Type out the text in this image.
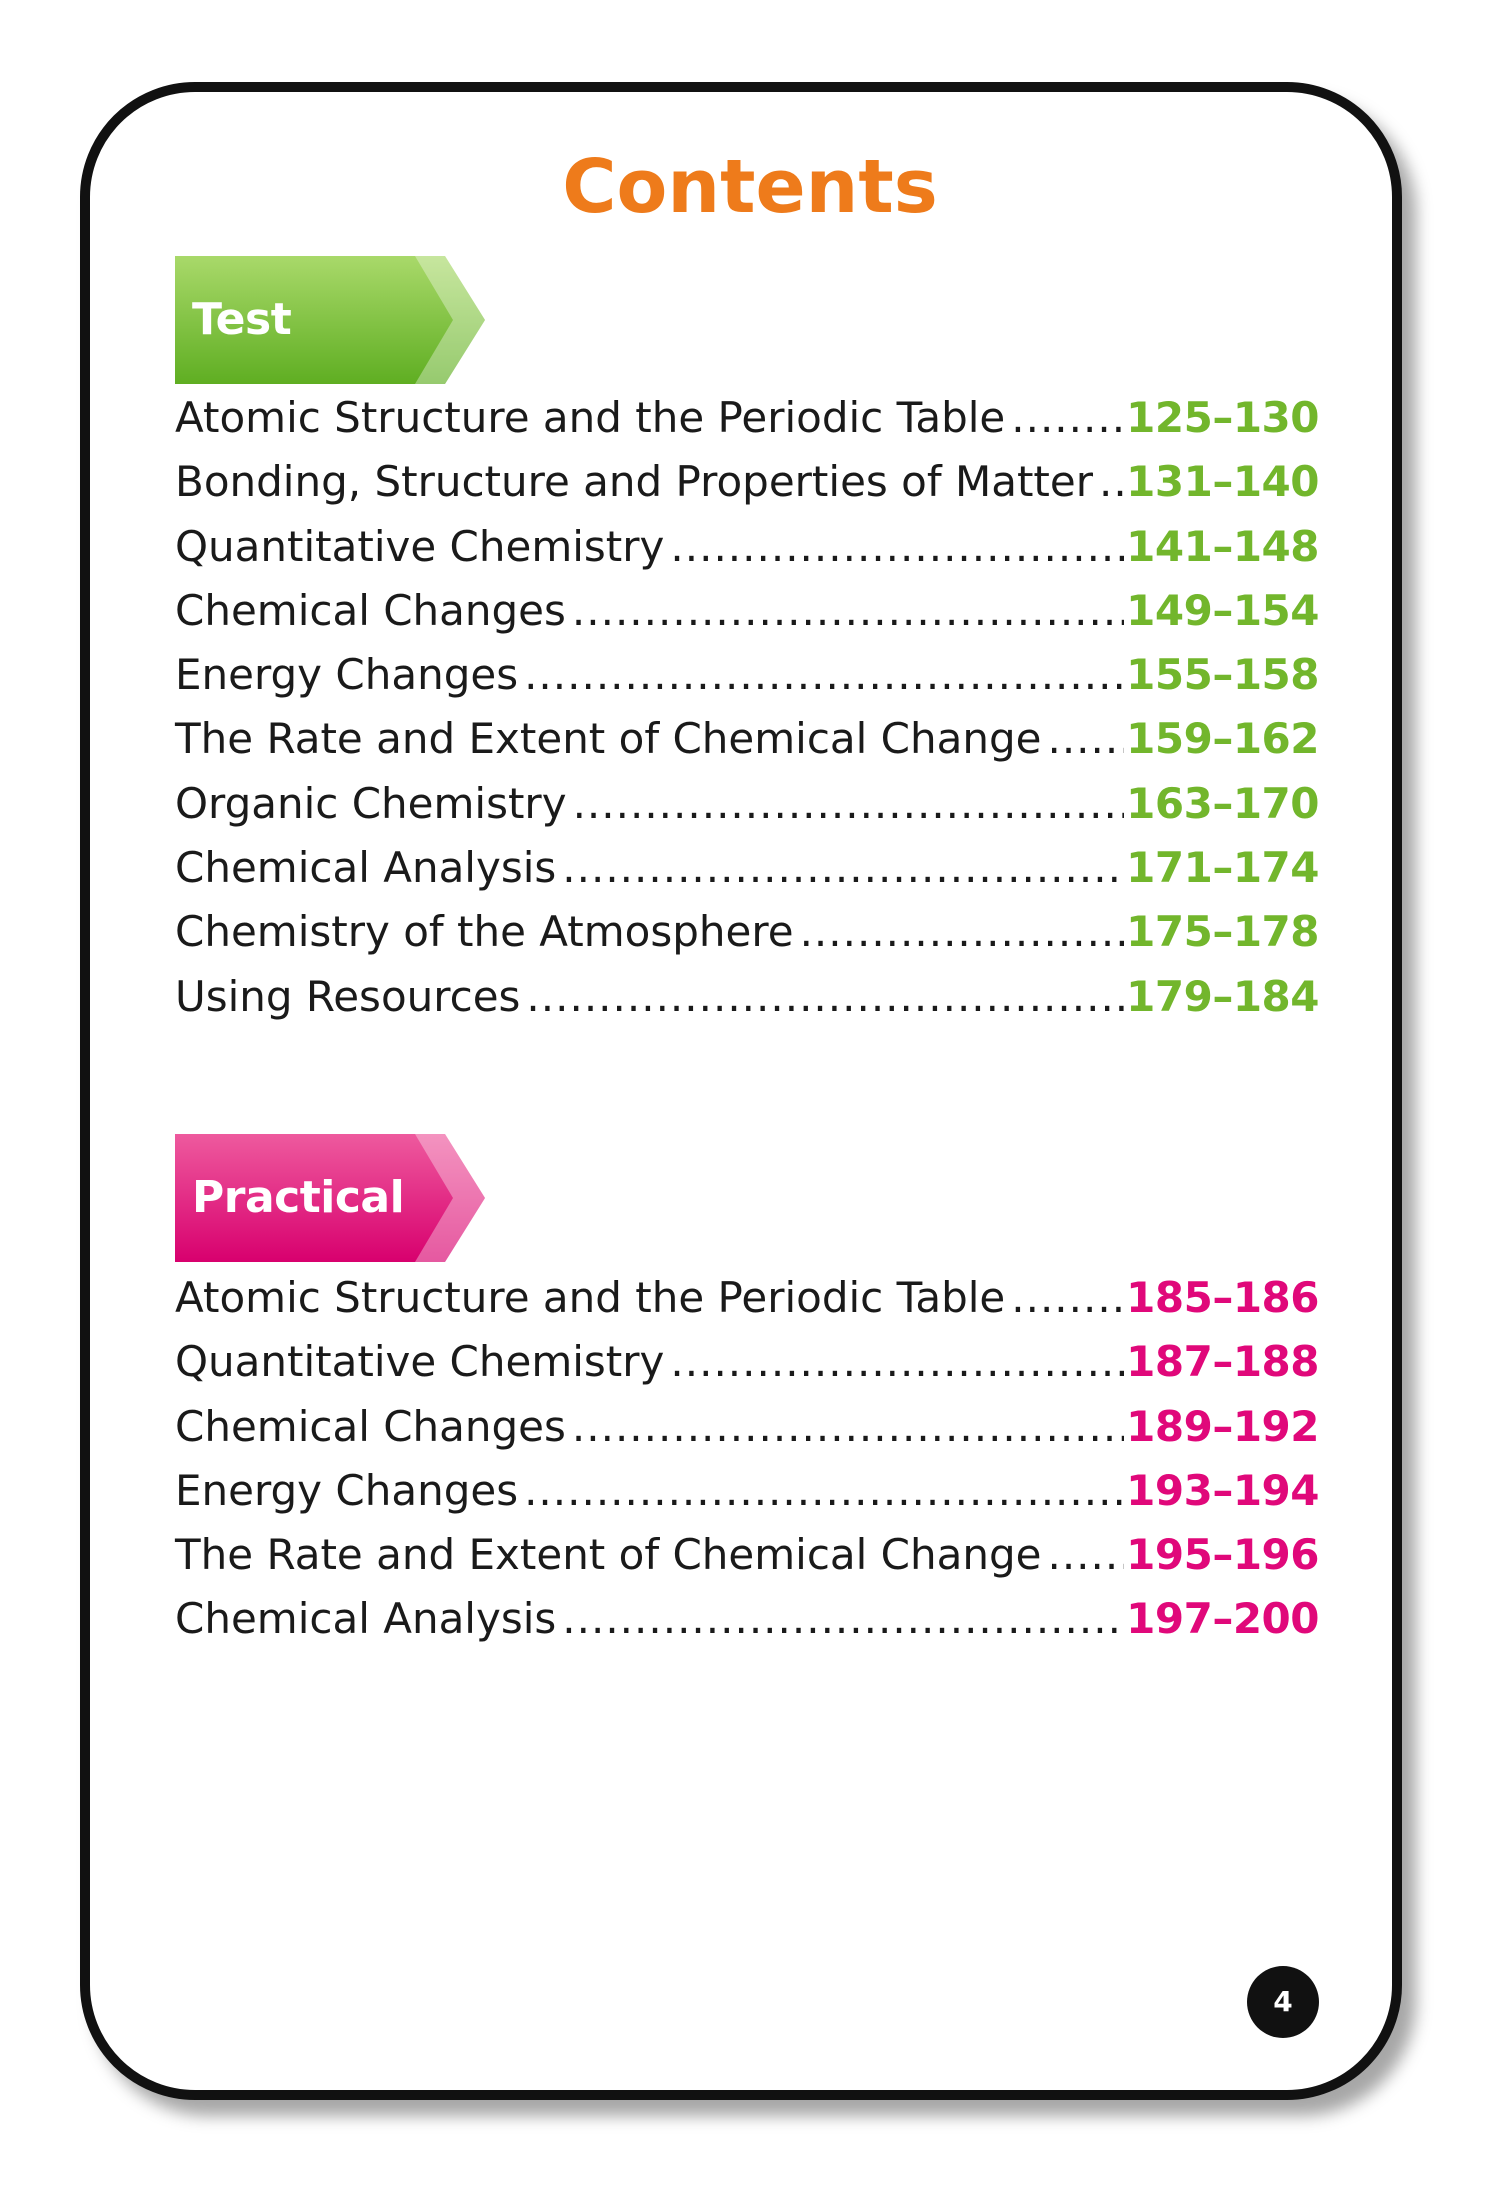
Contents
Test
Atomic Structure and the Periodic Table .....	125–130
Bonding, Structure and Properties of Matter ..... 131–140
Quantitative Chemistry .....	141–148
Chemical Changes .....	149–154
Energy Changes .....	155–158
The Rate and Extent of Chemical Change ..... 159–162
Organic Chemistry .....	163–170
Chemical Analysis .....	171–174
Chemistry of the Atmosphere .....	175–178
Using Resources .....	179–184
Practical
Atomic Structure and the Periodic Table .....	185–186
Quantitative Chemistry .....	187–188
Chemical Changes .....	189–192
Energy Changes .....	193–194
The Rate and Extent of Chemical Change ..... 195–196
Chemical Analysis .....	197–200
4
